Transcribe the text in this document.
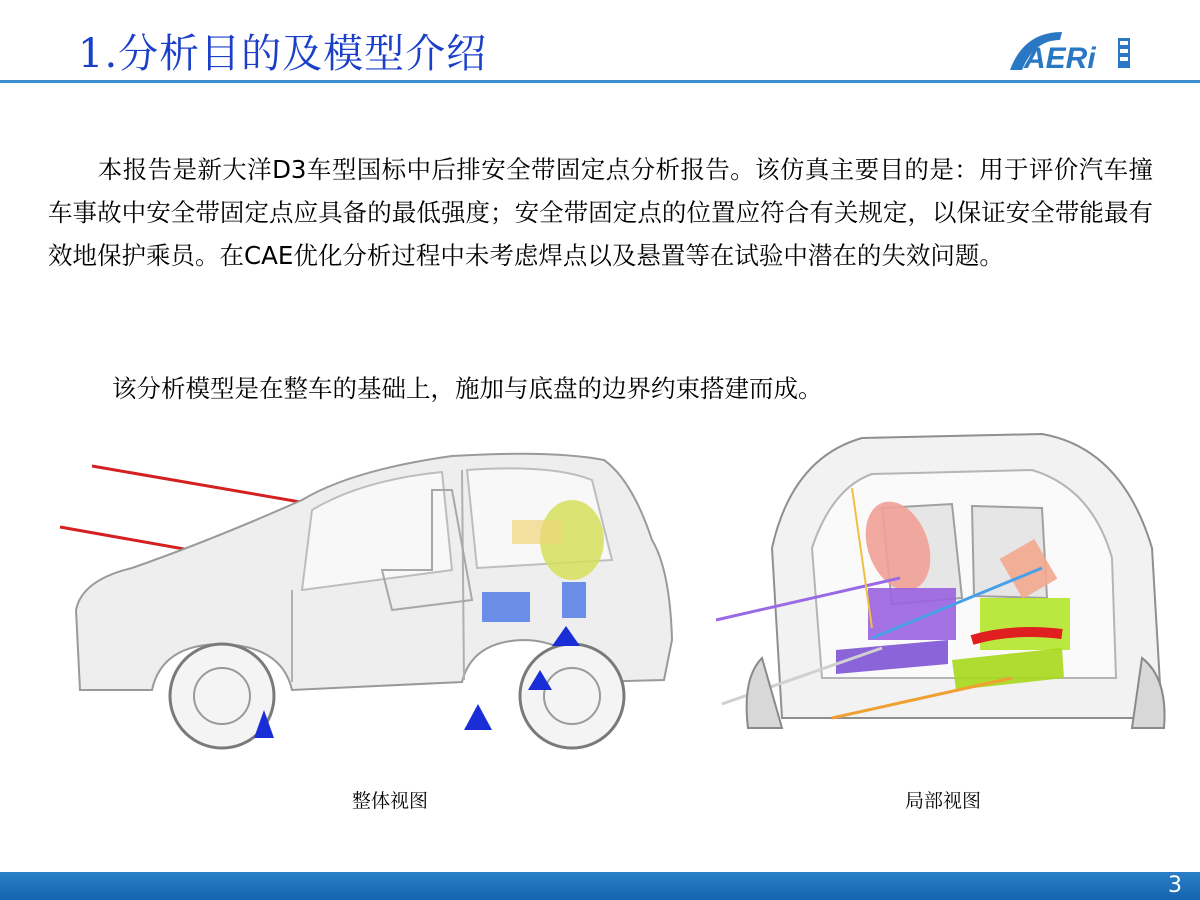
1.分析目的及模型介绍	AERi

　　本报告是新大洋D3车型国标中后排安全带固定点分析报告。该仿真主要目的是：用于评价汽车撞车事故中安全带固定点应具备的最低强度；安全带固定点的位置应符合有关规定，以保证安全带能最有效地保护乘员。在CAE优化分析过程中未考虑焊点以及悬置等在试验中潜在的失效问题。

该分析模型是在整车的基础上，施加与底盘的边界约束搭建而成。
整体视图	局部视图
3
